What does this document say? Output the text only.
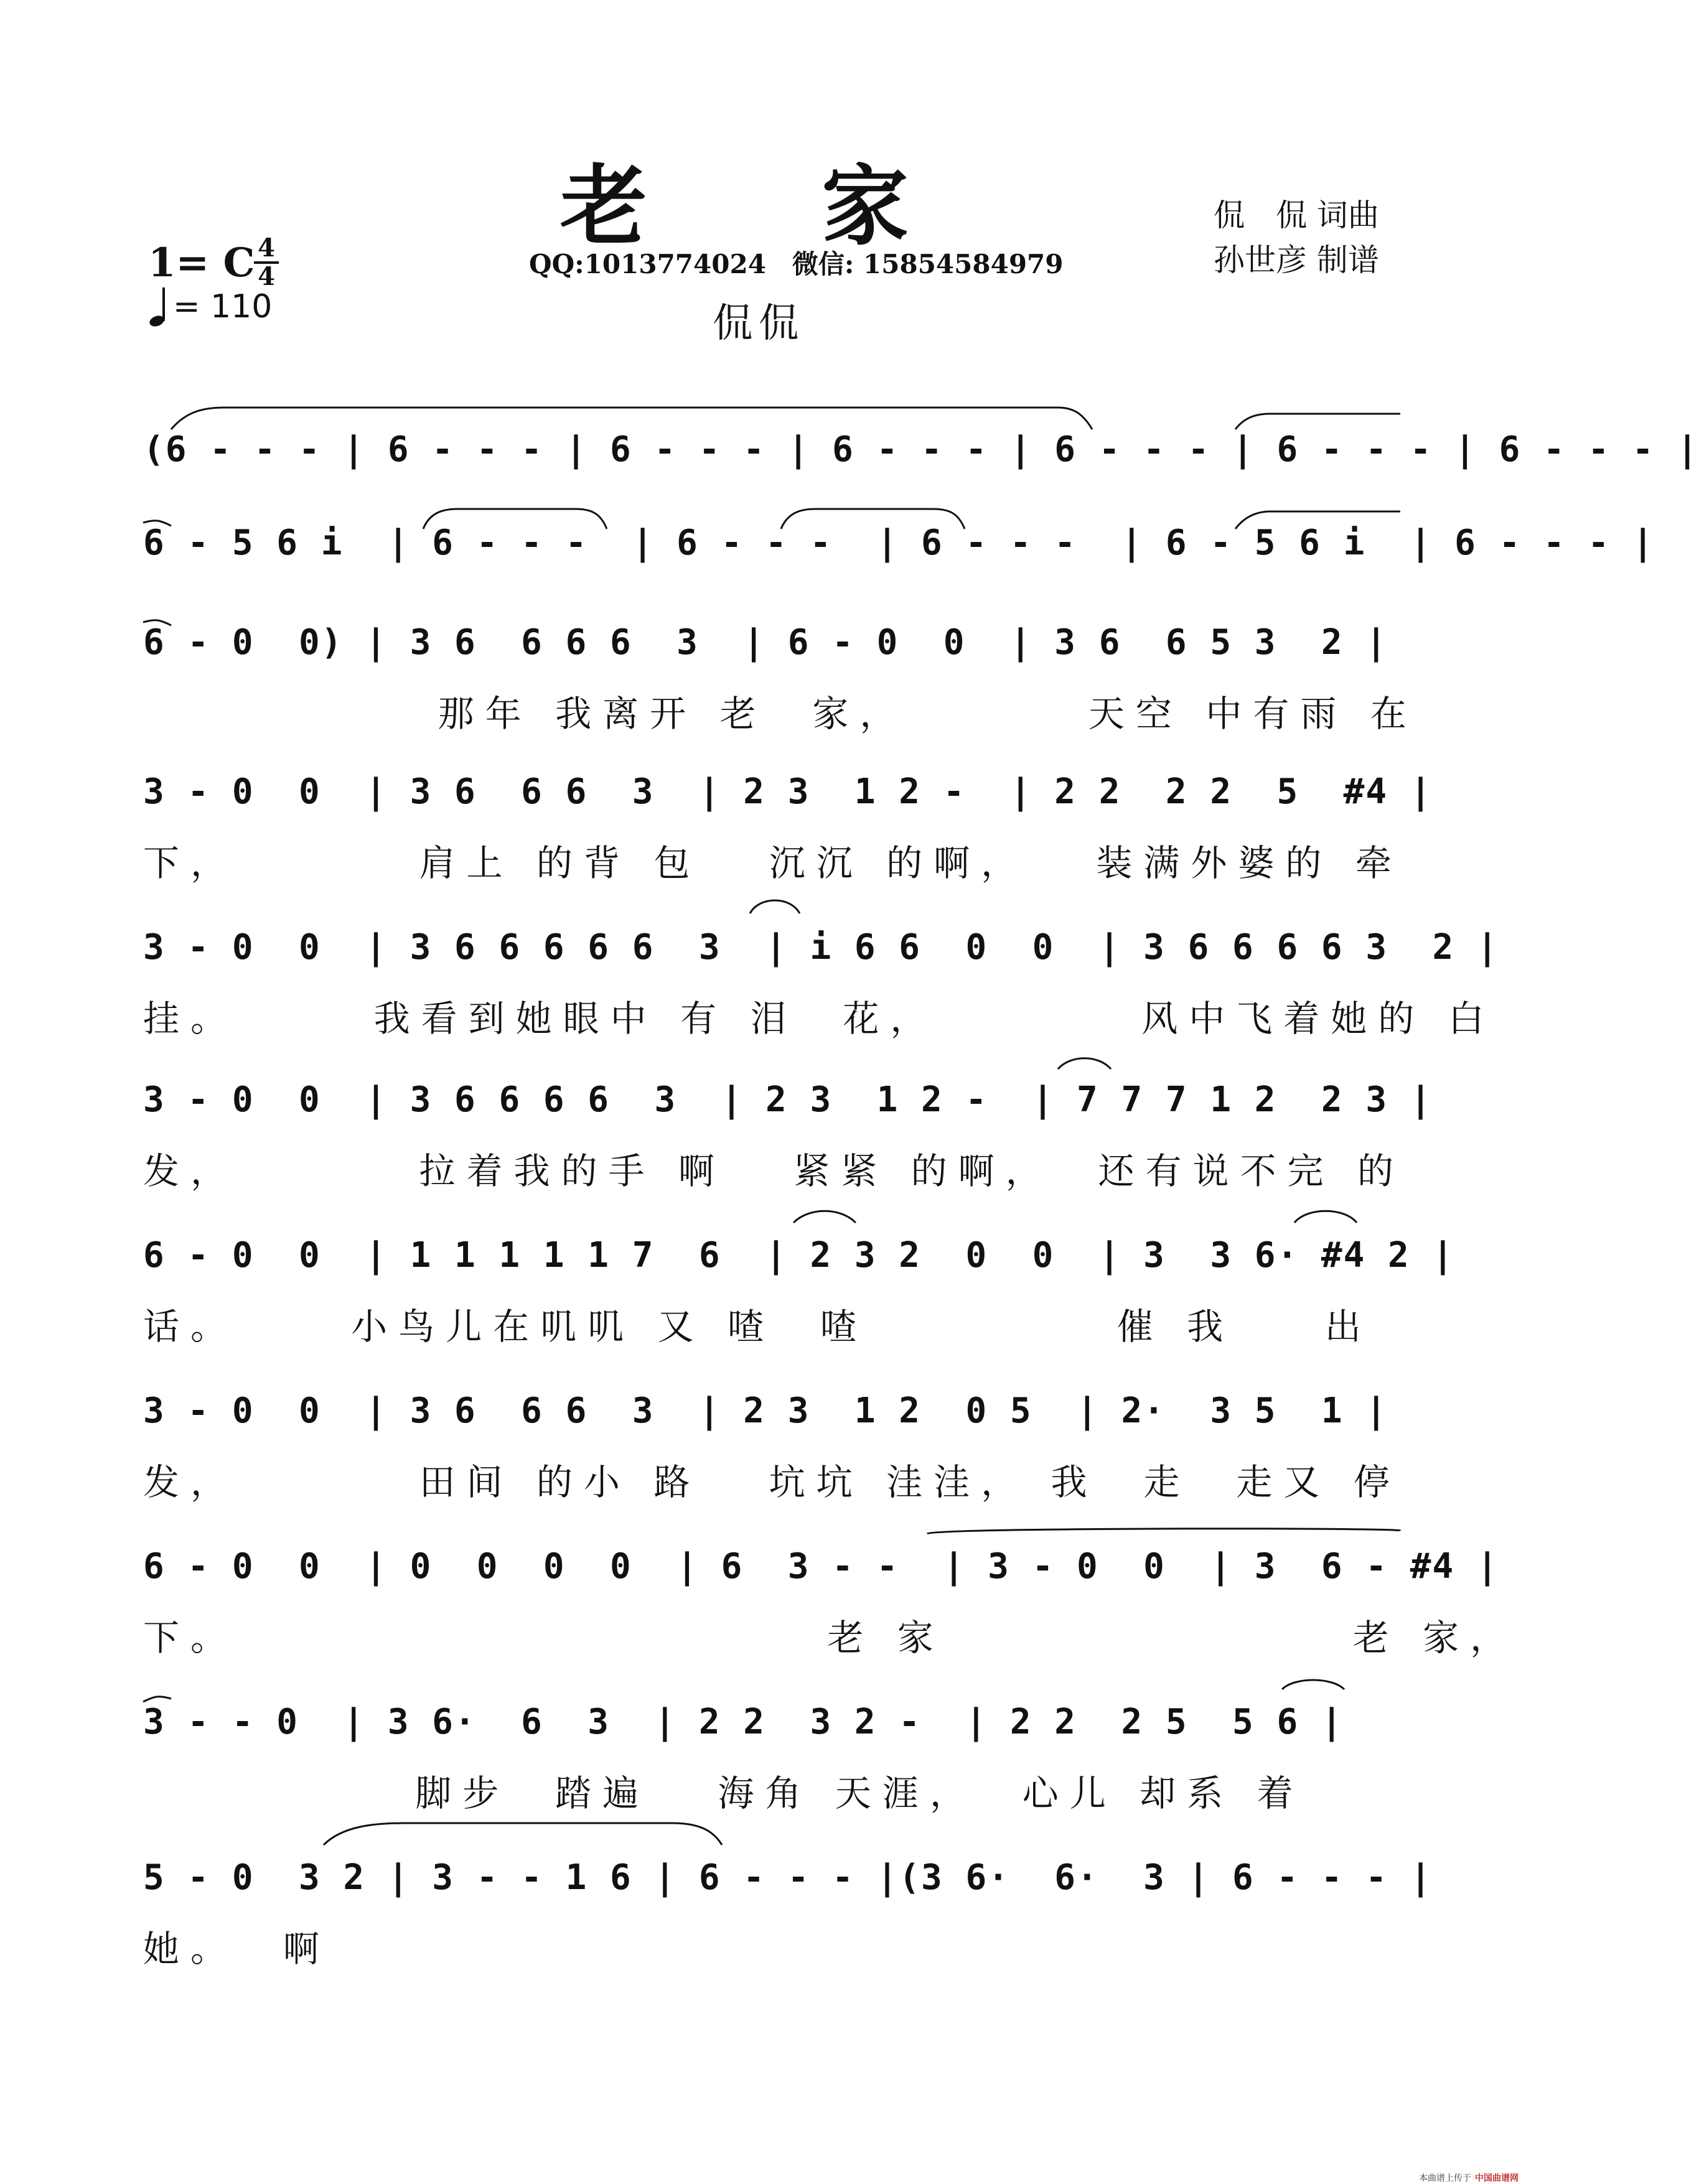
老　　家	侃　侃 词曲
孙世彦 制谱
QQ:1013774024　微信: 15854584979
侃侃
1= C 4
4
= 110
(6 - - - | 6 - - - | 6 - - - | 6 - - - | 6 - - - | 6 - - - | 6 - - - |
6 - 5 6 i  | 6 - - -  | 6 - - -  | 6 - - -  | 6 - 5 6 i  | 6 - - - |
6 - 0  0) | 3 6  6 6 6  3  | 6 - 0  0  | 3 6  6 5 3  2 |
那年 我离开 老  家，        天空 中有雨 在
3 - 0  0  | 3 6  6 6  3  | 2 3  1 2 -  | 2 2  2 2  5  #4 |
下，        肩上 的背 包   沉沉 的啊，   装满外婆的 牵
3 - 0  0  | 3 6 6 6 6 6  3  | i 6 6  0  0  | 3 6 6 6 6 3  2 |
挂。      我看到她眼中 有 泪  花，         风中飞着她的 白
3 - 0  0  | 3 6 6 6 6  3  | 2 3  1 2 -  | 7 7 7 1 2  2 3 |
发，        拉着我的手 啊   紧紧 的啊，  还有说不完 的
6 - 0  0  | 1 1 1 1 1 7  6  | 2 3 2  0  0  | 3  3 6· #4 2 |
话。     小鸟儿在叽叽 又 喳  喳           催 我    出
3 - 0  0  | 3 6  6 6  3  | 2 3  1 2  0 5  | 2·  3 5  1 |
发，        田间 的小 路   坑坑 洼洼， 我  走  走又 停
6 - 0  0  | 0  0  0  0  | 6  3 - -  | 3 - 0  0  | 3  6 - #4 |
下。                          老 家                  老 家，
3 - - 0  | 3 6·  6  3  | 2 2  3 2 -  | 2 2  2 5  5 6 |
脚步  踏遍   海角 天涯，  心儿 却系 着
5 - 0  3 2 | 3 - - 1 6 | 6 - - - |(3 6·  6·  3 | 6 - - - |
她。  啊
本曲谱上传于 中国曲谱网
